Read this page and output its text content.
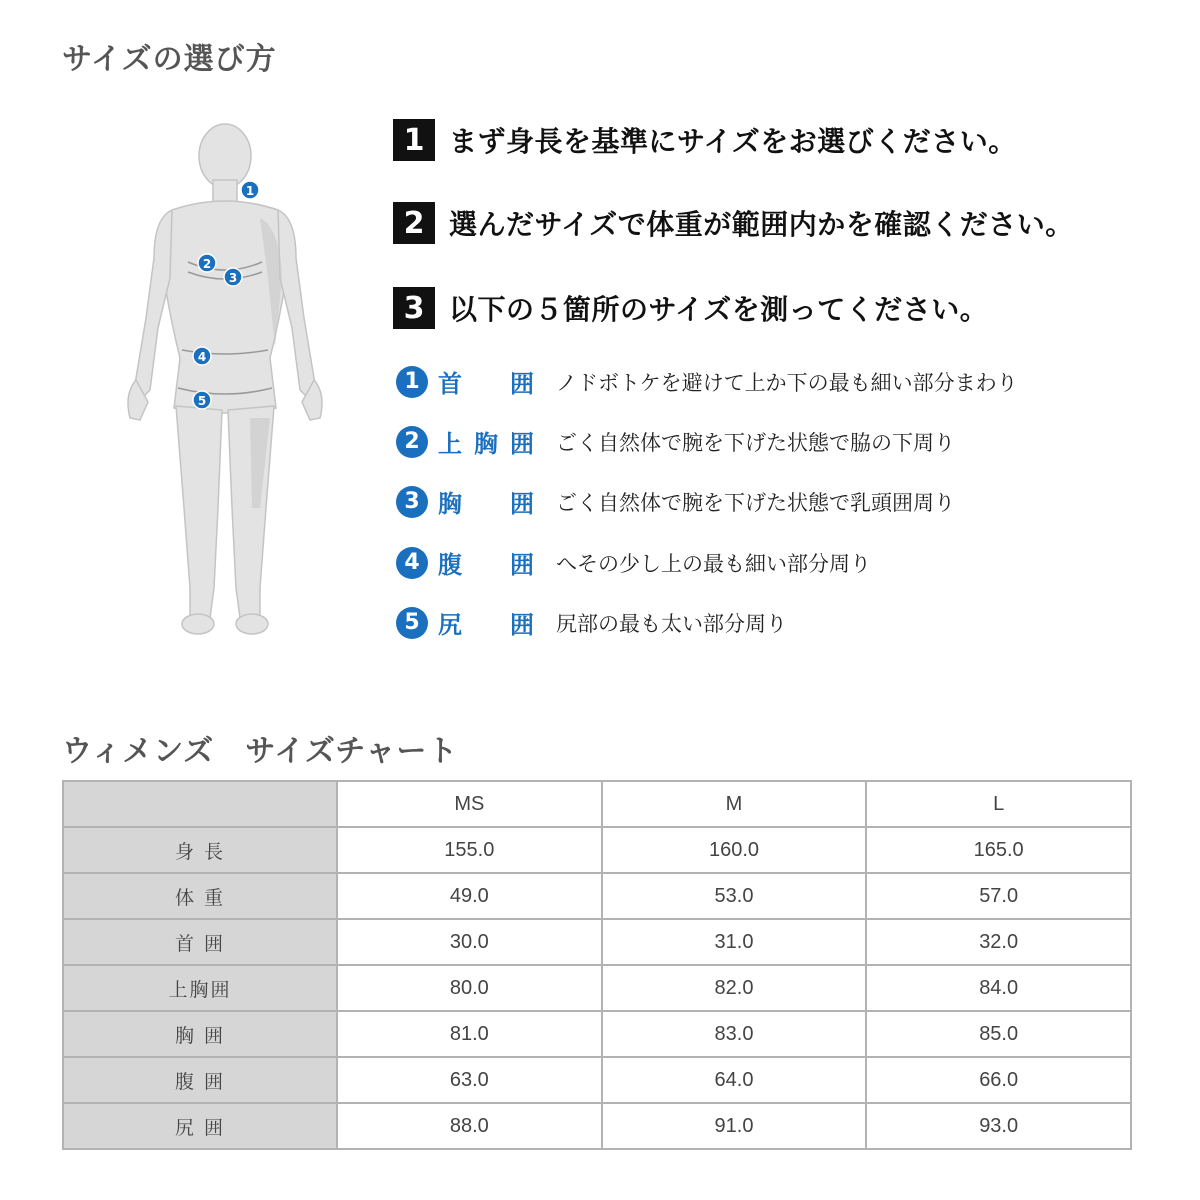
サイズの選び方
1
2
3
4
5
1 まず身長を基準にサイズをお選びください。
2 選んだサイズで体重が範囲内かを確認ください。
3 以下の５箇所のサイズを測ってください。
1 首　囲 ノドボトケを避けて上か下の最も細い部分まわり
2 上胸囲 ごく自然体で腕を下げた状態で脇の下周り
3 胸　囲 ごく自然体で腕を下げた状態で乳頭囲周り
4 腹　囲 へその少し上の最も細い部分周り
5 尻　囲 尻部の最も太い部分周り
ウィメンズ　サイズチャート
	MS	M	L
身 長	155.0	160.0	165.0
体 重	49.0	53.0	57.0
首 囲	30.0	31.0	32.0
上胸囲	80.0	82.0	84.0
胸 囲	81.0	83.0	85.0
腹 囲	63.0	64.0	66.0
尻 囲	88.0	91.0	93.0
